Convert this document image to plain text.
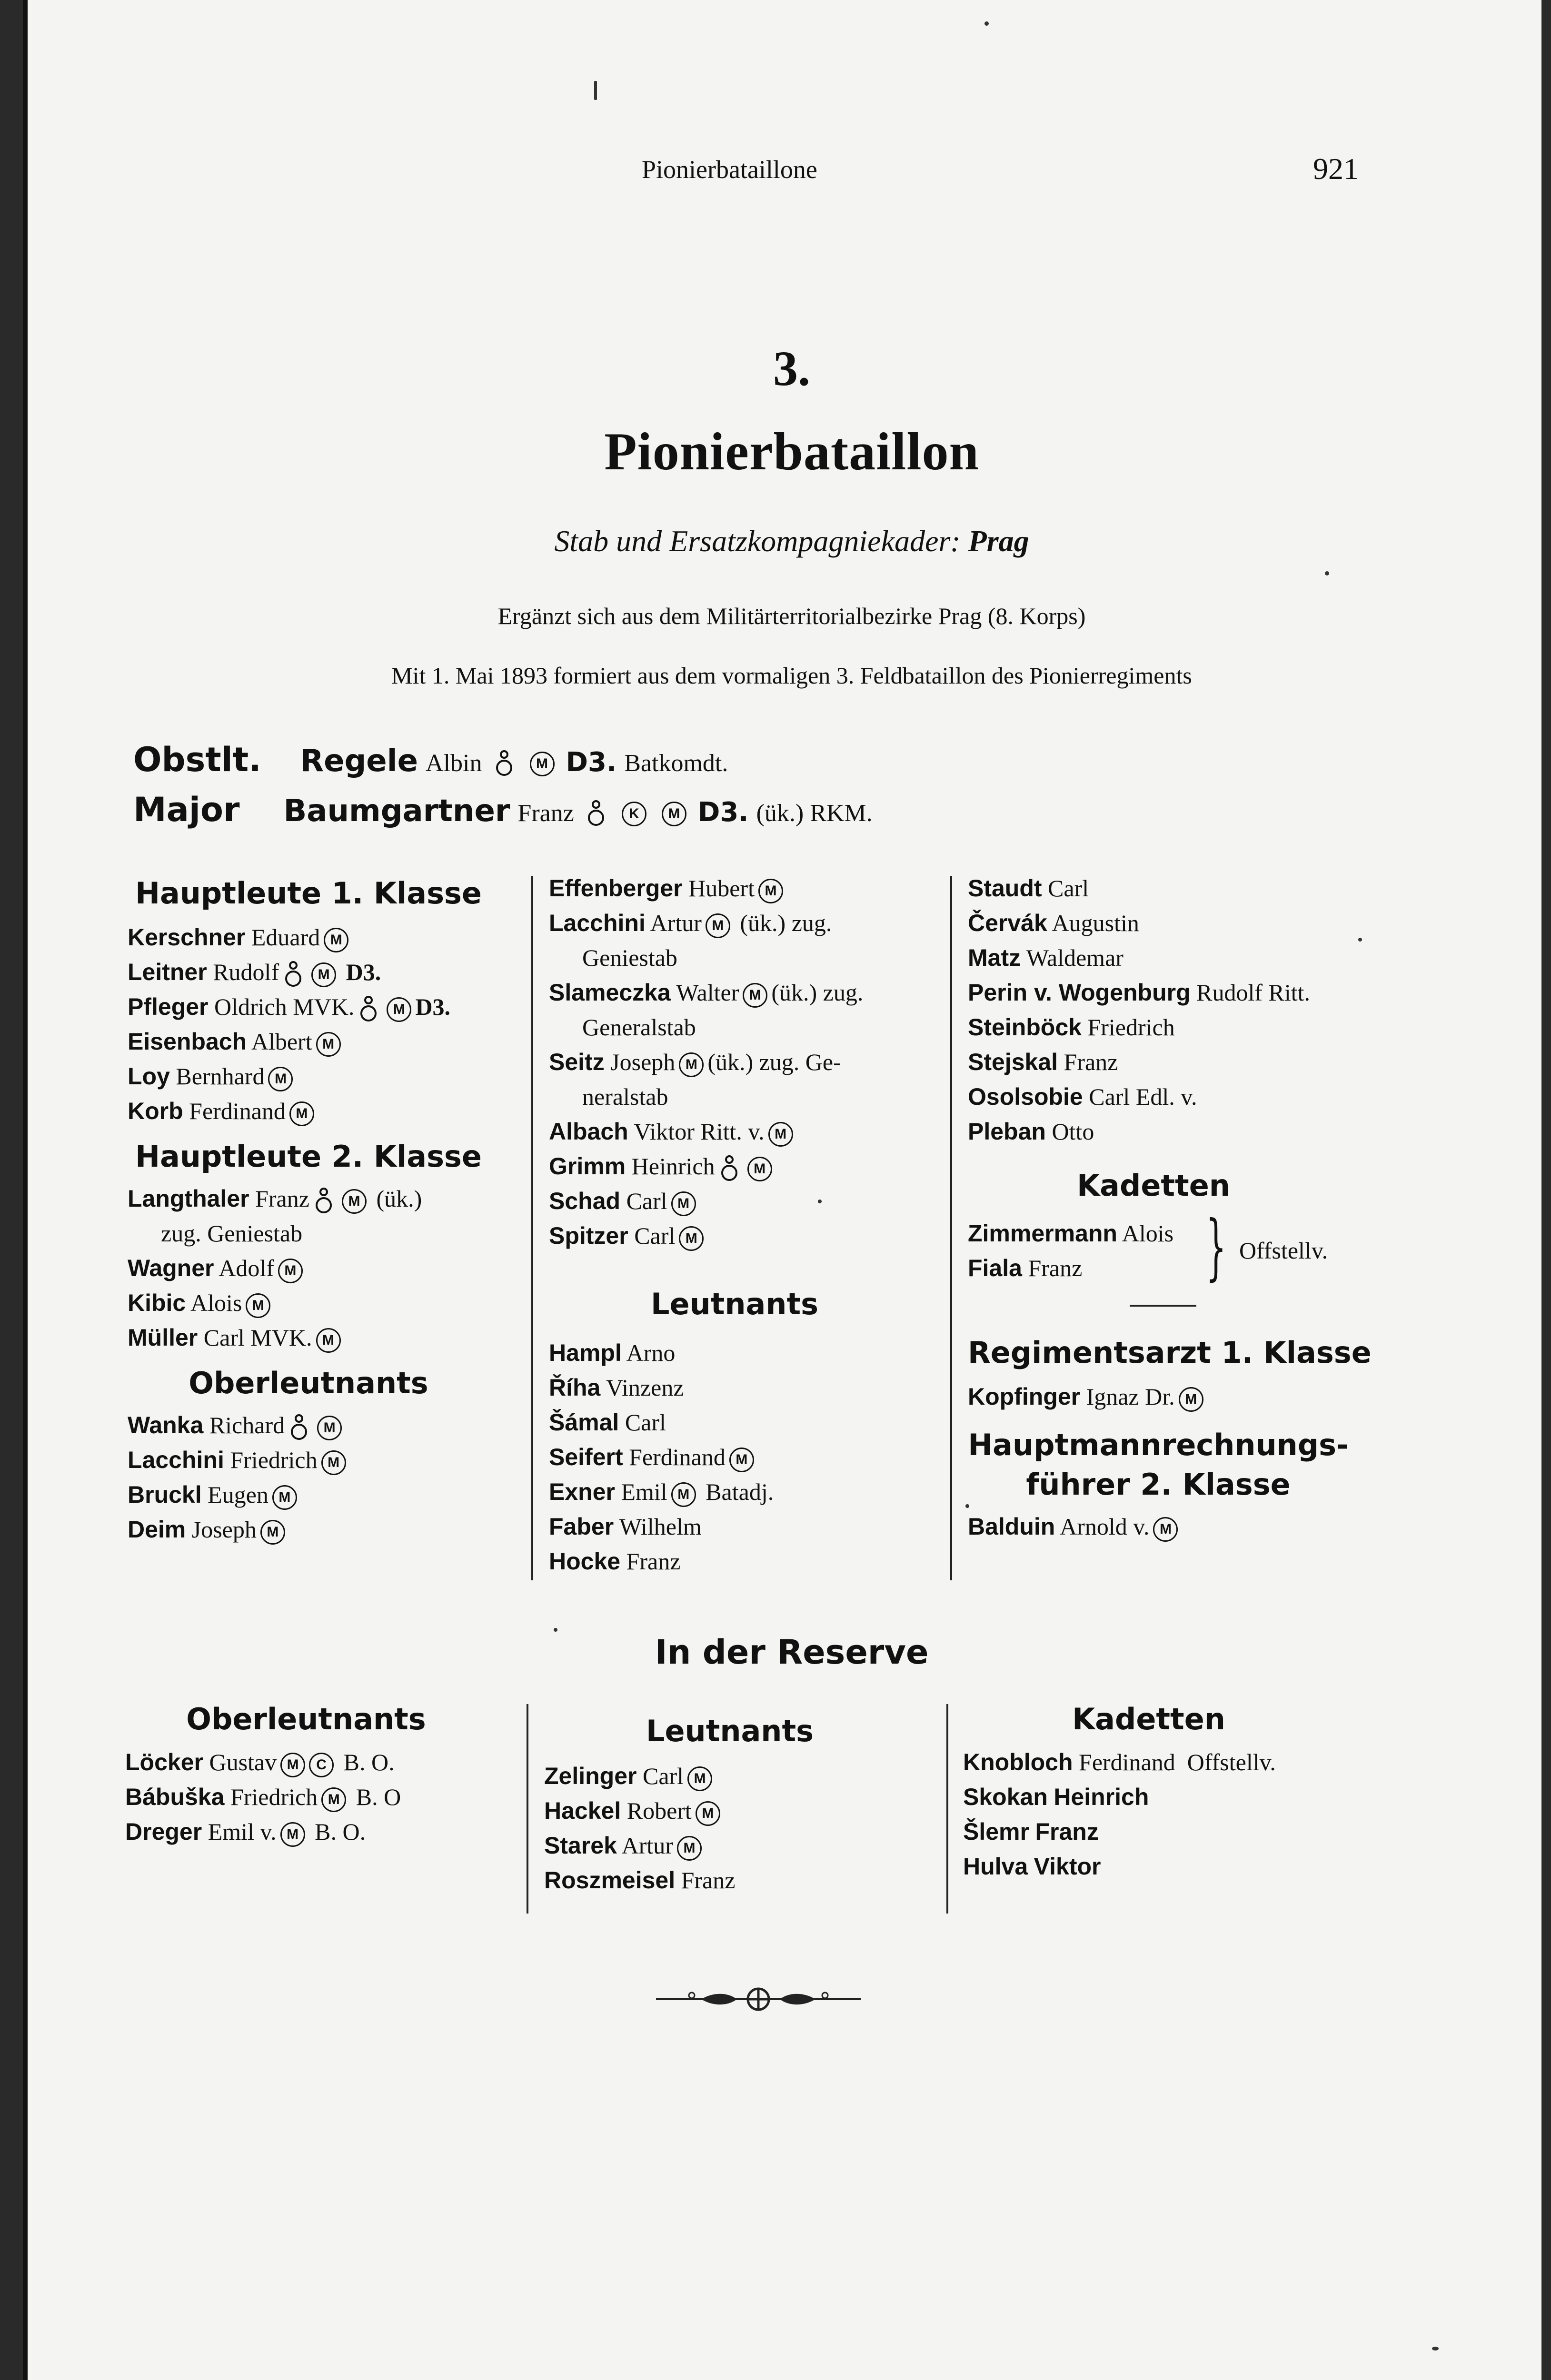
Pionierbataillone	921
3.
Pionierbataillon
Stab und Ersatzkompagniekader: Prag
Ergänzt sich aus dem Militärterritorialbezirke Prag (8. Korps)
Mit 1. Mai 1893 formiert aus dem vormaligen 3. Feldbataillon des Pionierregiments
Obstlt. Regele Albin	M D3. Batkomdt.
Major Baumgartner Franz	K M D3. (ük.) RKM.
Hauptleute 1. Klasse
Kerschner Eduard M
Leitner Rudolf	M D3.
Pfleger Oldrich MVK.	M D3.
Eisenbach Albert M
Loy Bernhard M
Korb Ferdinand M
Hauptleute 2. Klasse
Langthaler Franz	M (ük.)
zug. Geniestab
Wagner Adolf M
Kibic Alois M
Müller Carl MVK. M
Oberleutnants
Wanka Richard	M
Lacchini Friedrich M
Bruckl Eugen M
Deim Joseph M
Effenberger Hubert M
Lacchini Artur M (ük.) zug.
Geniestab
Slameczka Walter M (ük.) zug.
Generalstab
Seitz Joseph M (ük.) zug. Ge-
neralstab
Albach Viktor Ritt. v. M
Grimm Heinrich	M
Schad Carl M
Spitzer Carl M
Leutnants
Hampl Arno
Říha Vinzenz
Šámal Carl
Seifert Ferdinand M
Exner Emil M Batadj.
Faber Wilhelm
Hocke Franz
Staudt Carl
Červák Augustin
Matz Waldemar
Perin v. Wogenburg Rudolf Ritt.
Steinböck Friedrich
Stejskal Franz
Osolsobie Carl Edl. v.
Pleban Otto
Kadetten
Zimmermann Alois
Fiala Franz	} Offstellv.
Regimentsarzt 1. Klasse
Kopfinger Ignaz Dr. M
Hauptmannrechnungs-
führer 2. Klasse
Balduin Arnold v. M
In der Reserve
Oberleutnants
Löcker Gustav M C B. O.
Bábuška Friedrich M B. O
Dreger Emil v. M B. O.
Leutnants
Zelinger Carl M
Hackel Robert M
Starek Artur M
Roszmeisel Franz
Kadetten
Knobloch Ferdinand Offstellv.
Skokan Heinrich
Šlemr Franz
Hulva Viktor
